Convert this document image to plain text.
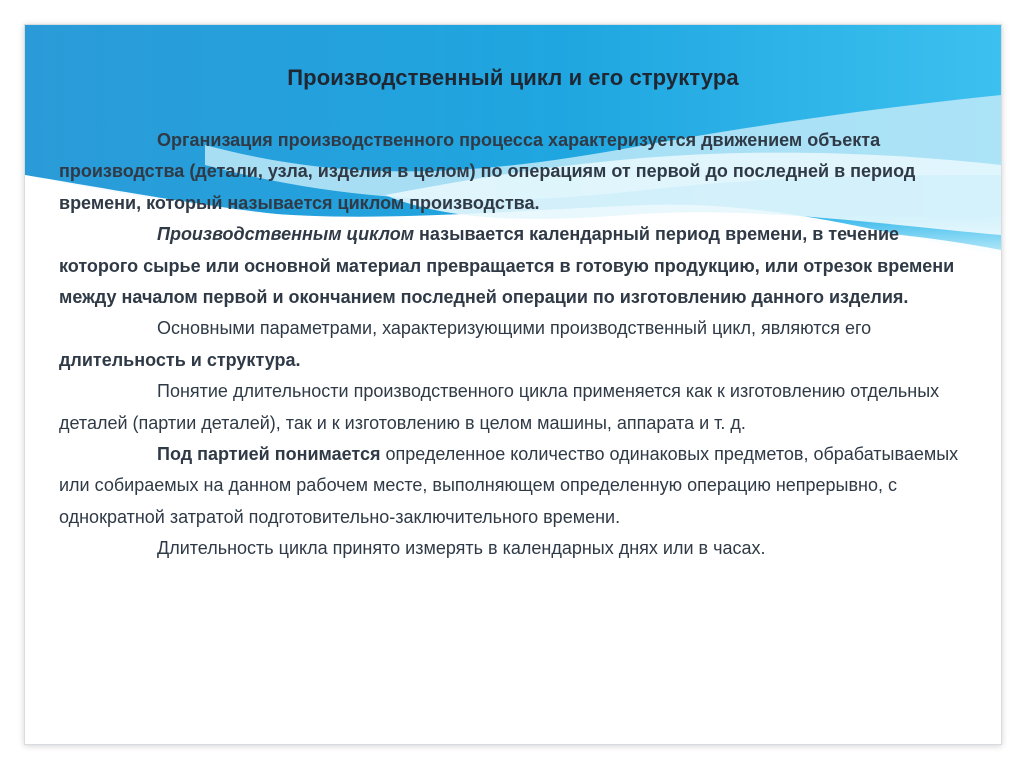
Производственный цикл и его структура

Организация производственного процесса характеризуется движением объекта производства (детали, узла, изделия в целом) по операциям от первой до последней в период времени, который называется циклом производства.

Производственным циклом называется календарный период времени, в течение которого сырье или основной материал превращается в готовую продукцию, или отрезок времени между началом первой и окончанием последней операции по изготовлению данного изделия.

Основными параметрами, характеризующими производственный цикл, являются его длительность и структура.

Понятие длительности производственного цикла применяется как к изготовлению отдельных деталей (партии деталей), так и к изготовлению в целом машины, аппарата и т. д.

Под партией понимается определенное количество одинаковых предметов, обрабатываемых или собираемых на данном рабочем месте, выполняющем определенную операцию непрерывно, с однократной затратой подготовительно-заключительного времени.

Длительность цикла принято измерять в календарных днях или в часах.
